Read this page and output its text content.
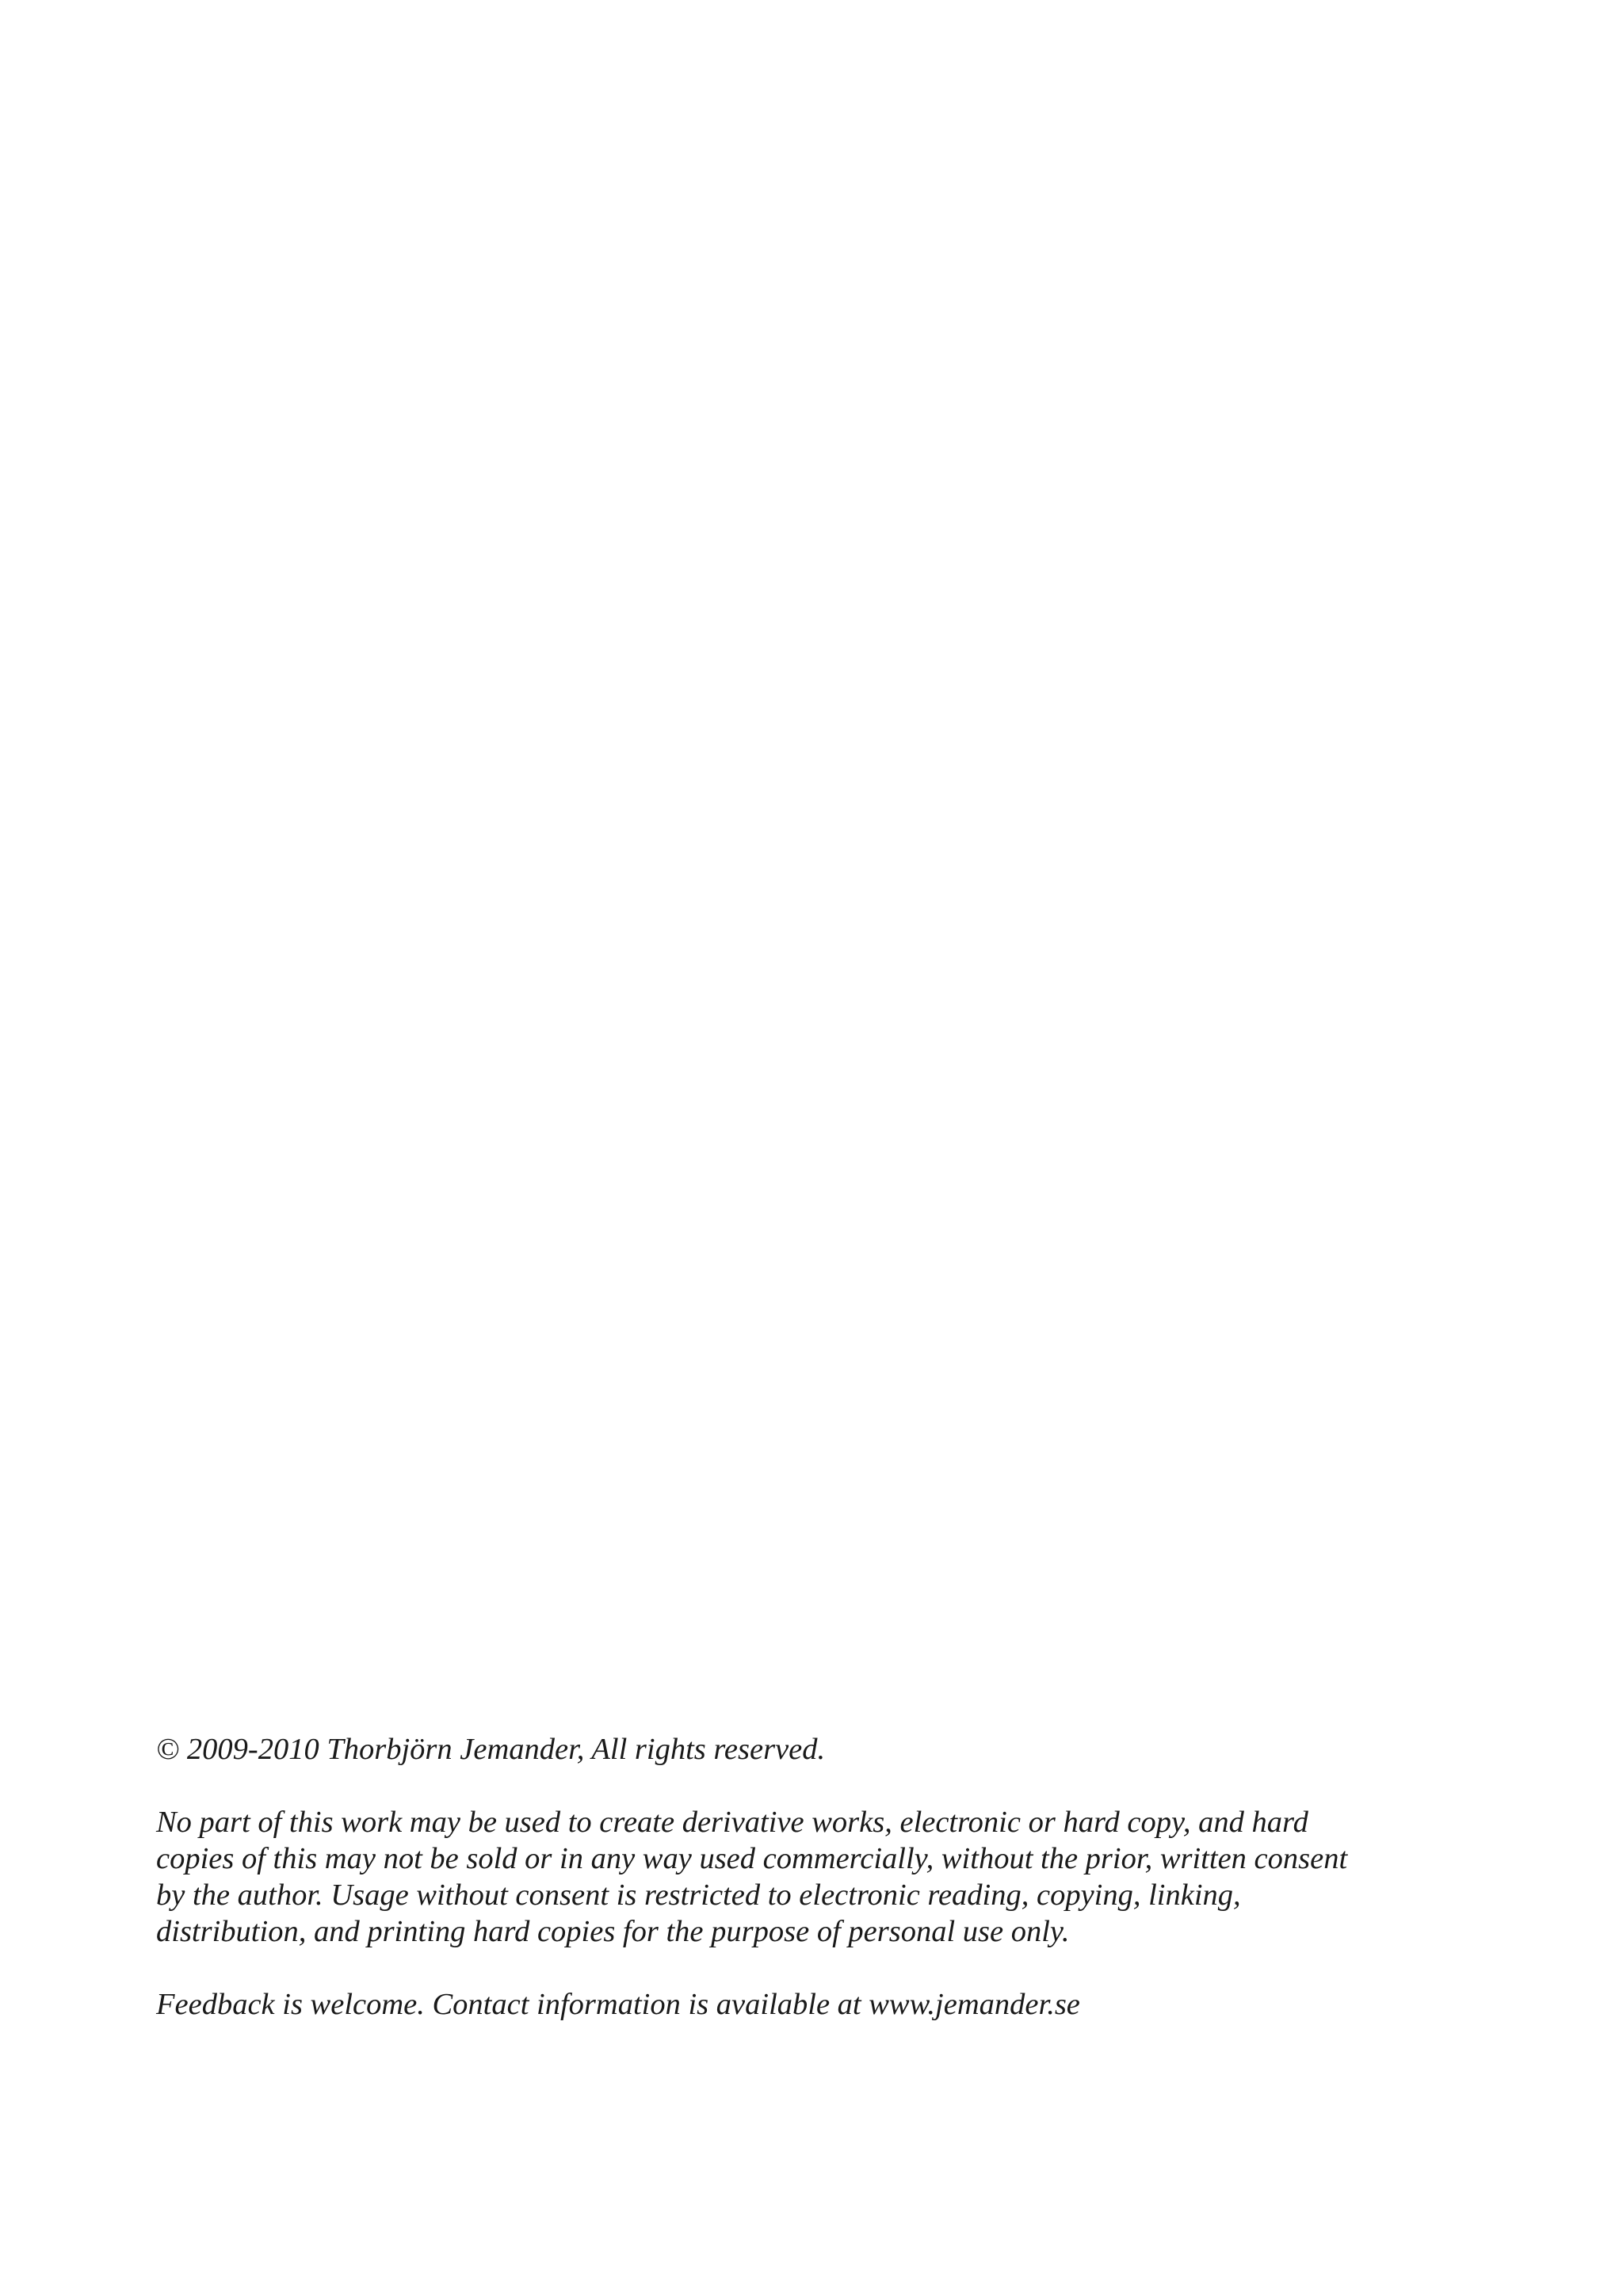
© 2009-2010 Thorbjörn Jemander, All rights reserved.

No part of this work may be used to create derivative works, electronic or hard copy, and hard
copies of this may not be sold or in any way used commercially, without the prior, written consent
by the author. Usage without consent is restricted to electronic reading, copying, linking,
distribution, and printing hard copies for the purpose of personal use only.

Feedback is welcome. Contact information is available at www.jemander.se
